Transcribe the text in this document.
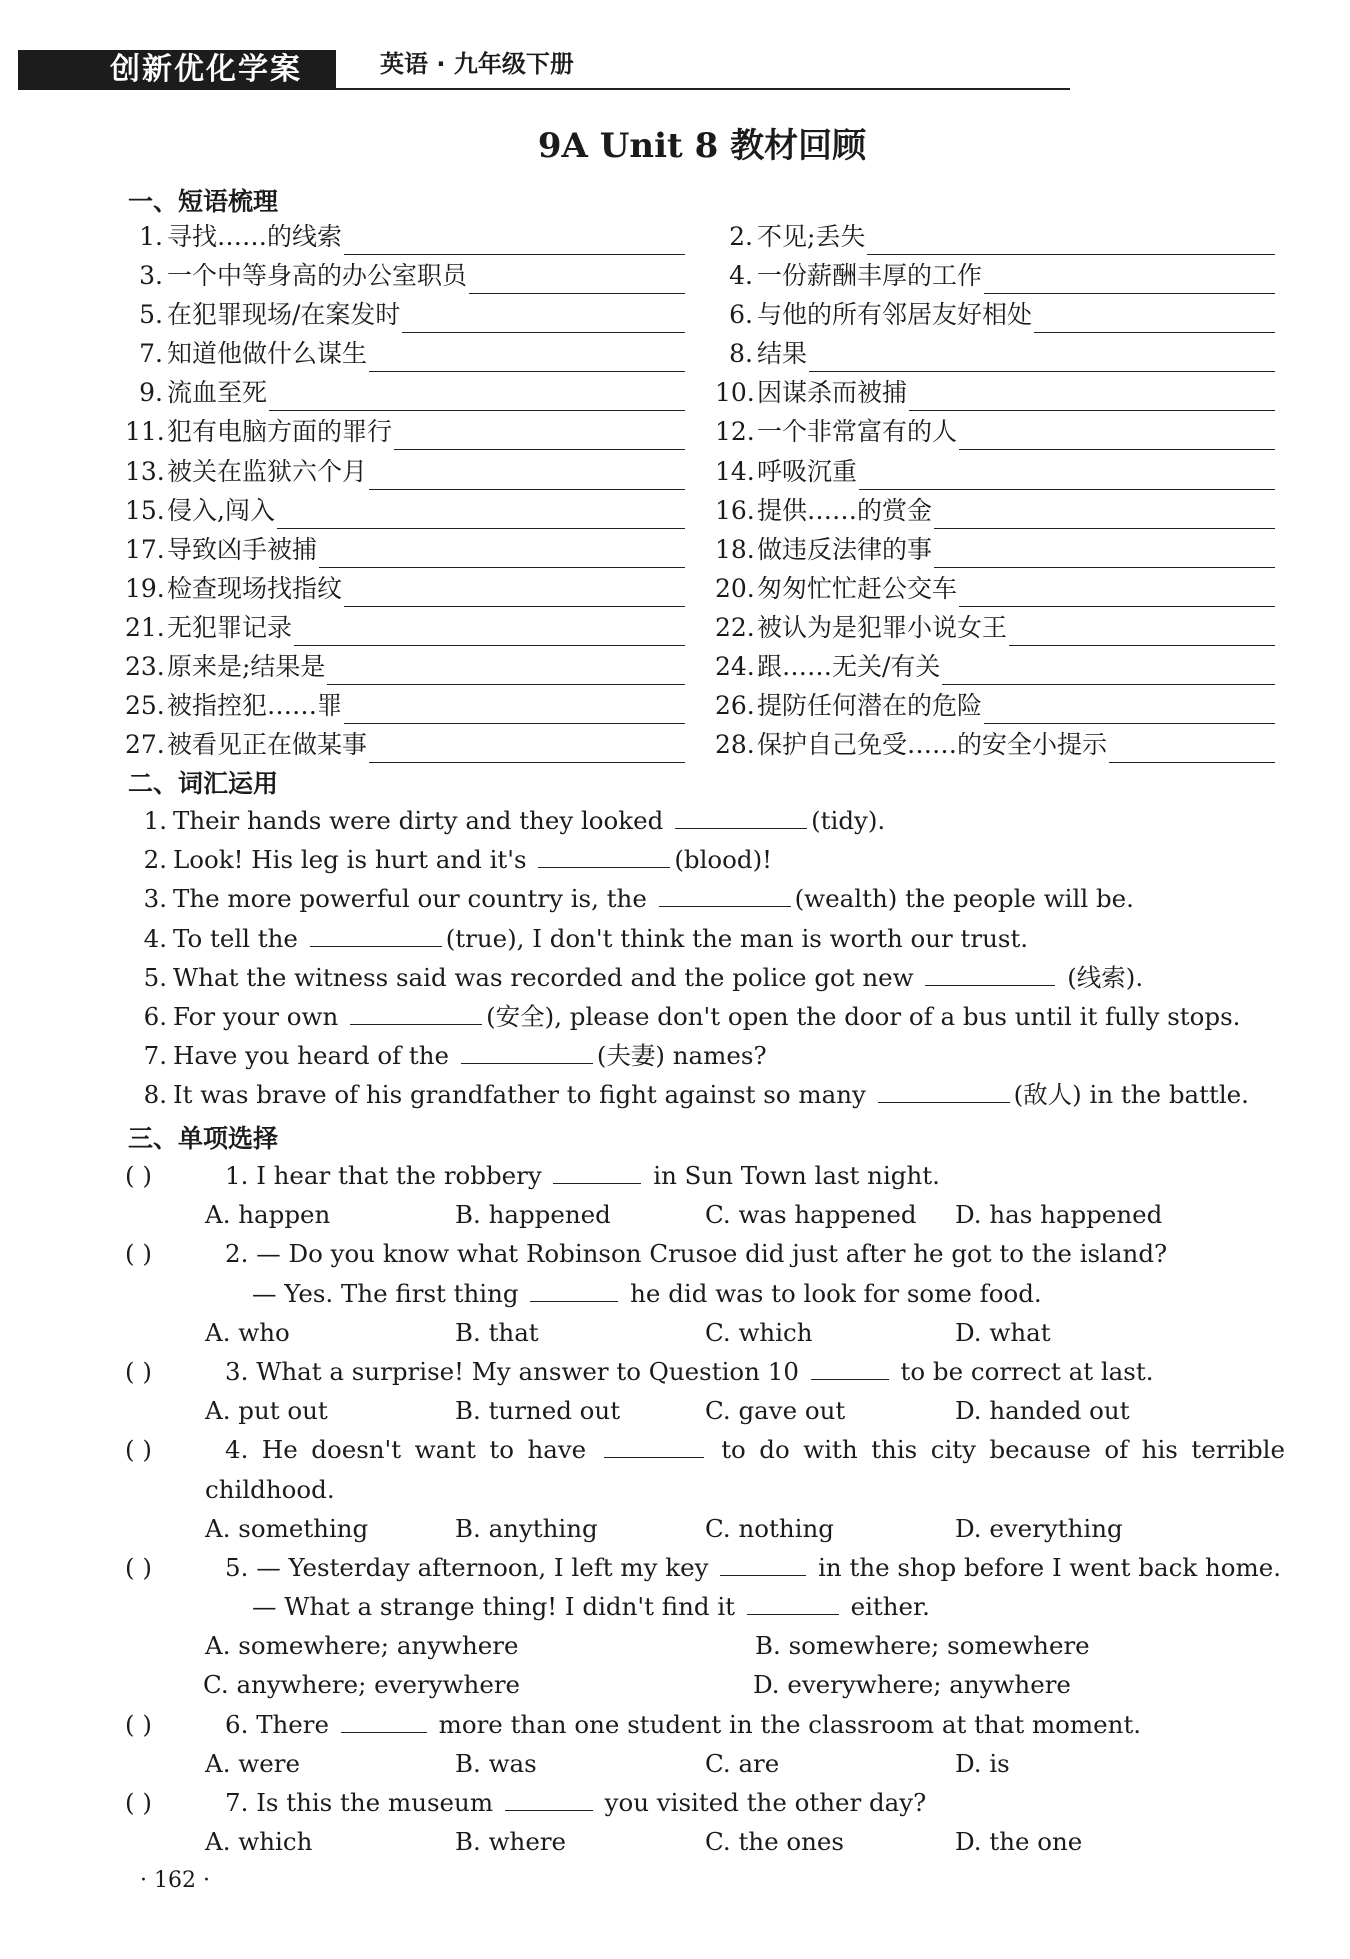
创新优化学案	英语 · 九年级下册
9A Unit 8 教材回顾
一、短语梳理
1. 寻找……的线索	2. 不见;丢失
3. 一个中等身高的办公室职员	4. 一份薪酬丰厚的工作
5. 在犯罪现场/在案发时	6. 与他的所有邻居友好相处
7. 知道他做什么谋生	8. 结果
9. 流血至死	10. 因谋杀而被捕
11. 犯有电脑方面的罪行	12. 一个非常富有的人
13. 被关在监狱六个月	14. 呼吸沉重
15. 侵入,闯入	16. 提供……的赏金
17. 导致凶手被捕	18. 做违反法律的事
19. 检查现场找指纹	20. 匆匆忙忙赶公交车
21. 无犯罪记录	22. 被认为是犯罪小说女王
23. 原来是;结果是	24. 跟……无关/有关
25. 被指控犯……罪	26. 提防任何潜在的危险
27. 被看见正在做某事	28. 保护自己免受……的安全小提示
二、词汇运用
1. Their hands were dirty and they looked	(tidy).
2. Look! His leg is hurt and it's	(blood)!
3. The more powerful our country is, the	(wealth) the people will be.
4. To tell the	(true), I don't think the man is worth our trust.
5. What the witness said was recorded and the police got new	(线索).
6. For your own	(安全), please don't open the door of a bus until it fully stops.
7. Have you heard of the	(夫妻) names?
8. It was brave of his grandfather to fight against so many	(敌人) in the battle.
三、单项选择
( )	1. I hear that the robbery	in Sun Town last night.
A. happen	B. happened	C. was happened D. has happened
( )	2. — Do you know what Robinson Crusoe did just after he got to the island?
— Yes. The first thing	he did was to look for some food.
A. who	B. that	C. which	D. what
( )	3. What a surprise! My answer to Question 10	to be correct at last.
A. put out	B. turned out	C. gave out	D. handed out
( )	4. He doesn't want to have	to do with this city because of his terrible
childhood.
A. something	B. anything	C. nothing	D. everything
( )	5. — Yesterday afternoon, I left my key	in the shop before I went back home.
— What a strange thing! I didn't find it	either.
A. somewhere; anywhere	B. somewhere; somewhere
C. anywhere; everywhere	D. everywhere; anywhere
( )	6. There	more than one student in the classroom at that moment.
A. were	B. was	C. are	D. is
( )	7. Is this the museum	you visited the other day?
A. which	B. where	C. the ones	D. the one
· 162 ·
